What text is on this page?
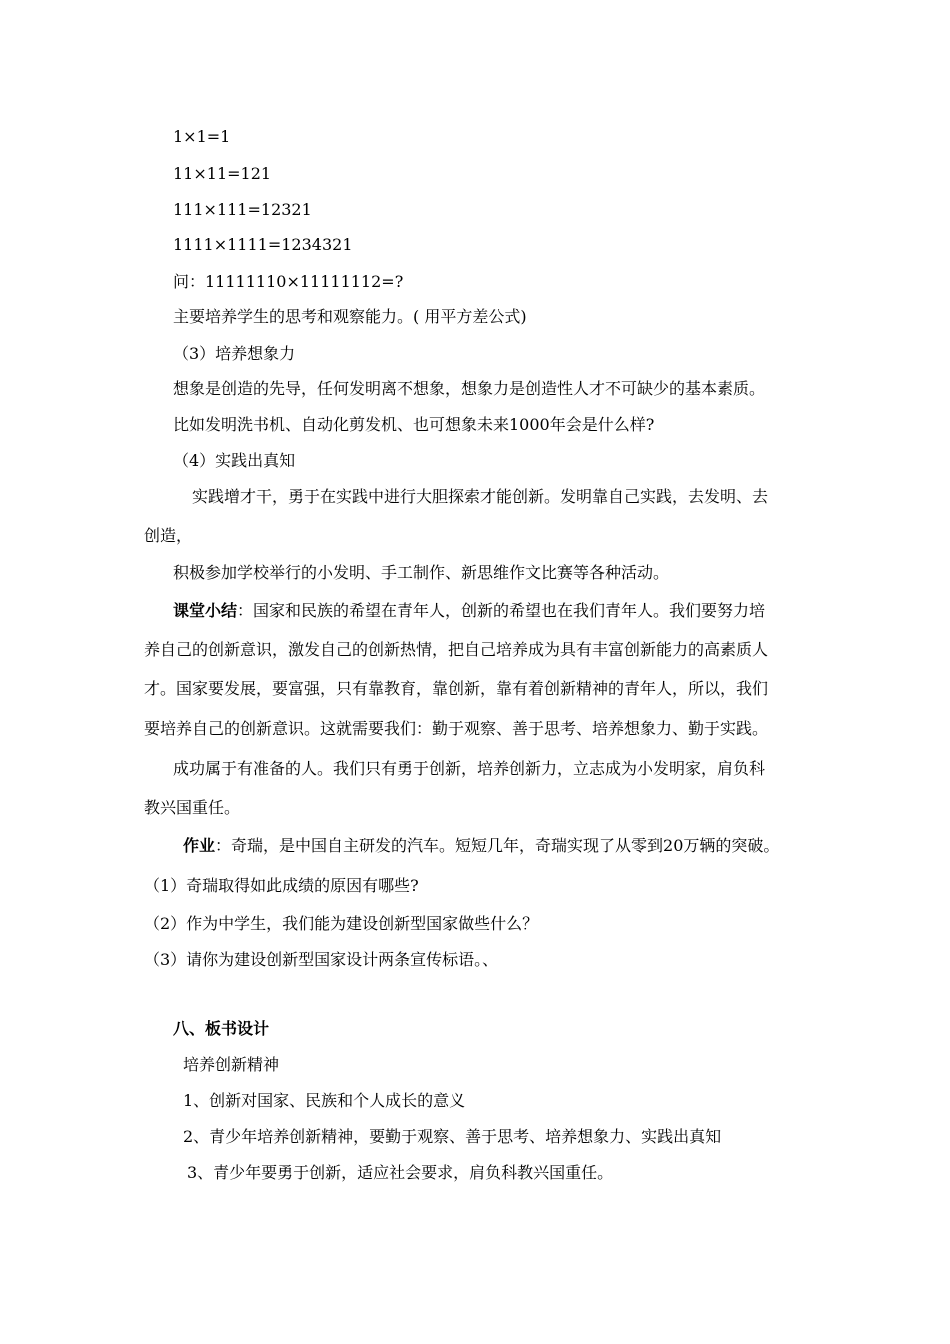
1×1=1
11×11=121
111×111=12321
1111×1111=1234321
问：11111110×11111112=?
主要培养学生的思考和观察能力。( 用平方差公式)
（3）培养想象力
想象是创造的先导，任何发明离不想象，想象力是创造性人才不可缺少的基本素质。
比如发明洗书机、自动化剪发机、也可想象未来1000年会是什么样?
（4）实践出真知
实践增才干，勇于在实践中进行大胆探索才能创新。发明靠自己实践，去发明、去
创造，
积极参加学校举行的小发明、手工制作、新思维作文比赛等各种活动。
课堂小结：国家和民族的希望在青年人，创新的希望也在我们青年人。我们要努力培
养自己的创新意识，激发自己的创新热情，把自己培养成为具有丰富创新能力的高素质人
才。国家要发展，要富强，只有靠教育，靠创新，靠有着创新精神的青年人，所以，我们
要培养自己的创新意识。这就需要我们：勤于观察、善于思考、培养想象力、勤于实践。
成功属于有准备的人。我们只有勇于创新，培养创新力，立志成为小发明家，肩负科
教兴国重任。
作业：奇瑞，是中国自主研发的汽车。短短几年，奇瑞实现了从零到20万辆的突破。
（1）奇瑞取得如此成绩的原因有哪些?
（2）作为中学生，我们能为建设创新型国家做些什么？
（3）请你为建设创新型国家设计两条宣传标语。、
八、板书设计
培养创新精神
1、创新对国家、民族和个人成长的意义
2、青少年培养创新精神，要勤于观察、善于思考、培养想象力、实践出真知
3、青少年要勇于创新，适应社会要求，肩负科教兴国重任。
